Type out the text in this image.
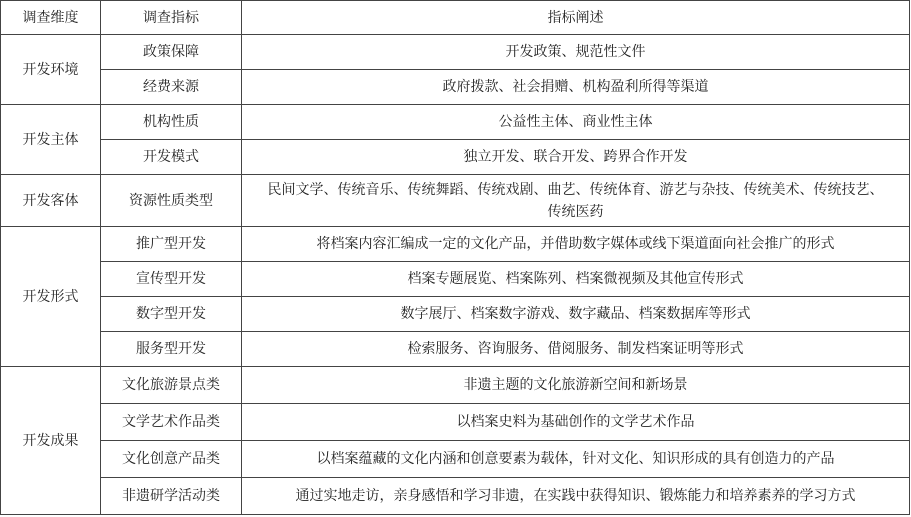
调查维度	调查指标	指标阐述
开发环境	政策保障	开发政策、规范性文件
	经费来源	政府拨款、社会捐赠、机构盈利所得等渠道
开发主体	机构性质	公益性主体、商业性主体
	开发模式	独立开发、联合开发、跨界合作开发
开发客体	资源性质类型	民间文学、传统音乐、传统舞蹈、传统戏剧、曲艺、传统体育、游艺与杂技、传统美术、传统技艺、
传统医药
开发形式	推广型开发	将档案内容汇编成一定的文化产品，并借助数字媒体或线下渠道面向社会推广的形式
	宣传型开发	档案专题展览、档案陈列、档案微视频及其他宣传形式
	数字型开发	数字展厅、档案数字游戏、数字藏品、档案数据库等形式
	服务型开发	检索服务、咨询服务、借阅服务、制发档案证明等形式
开发成果	文化旅游景点类	非遗主题的文化旅游新空间和新场景
	文学艺术作品类	以档案史料为基础创作的文学艺术作品
	文化创意产品类	以档案蕴藏的文化内涵和创意要素为载体，针对文化、知识形成的具有创造力的产品
	非遗研学活动类	通过实地走访，亲身感悟和学习非遗，在实践中获得知识、锻炼能力和培养素养的学习方式
